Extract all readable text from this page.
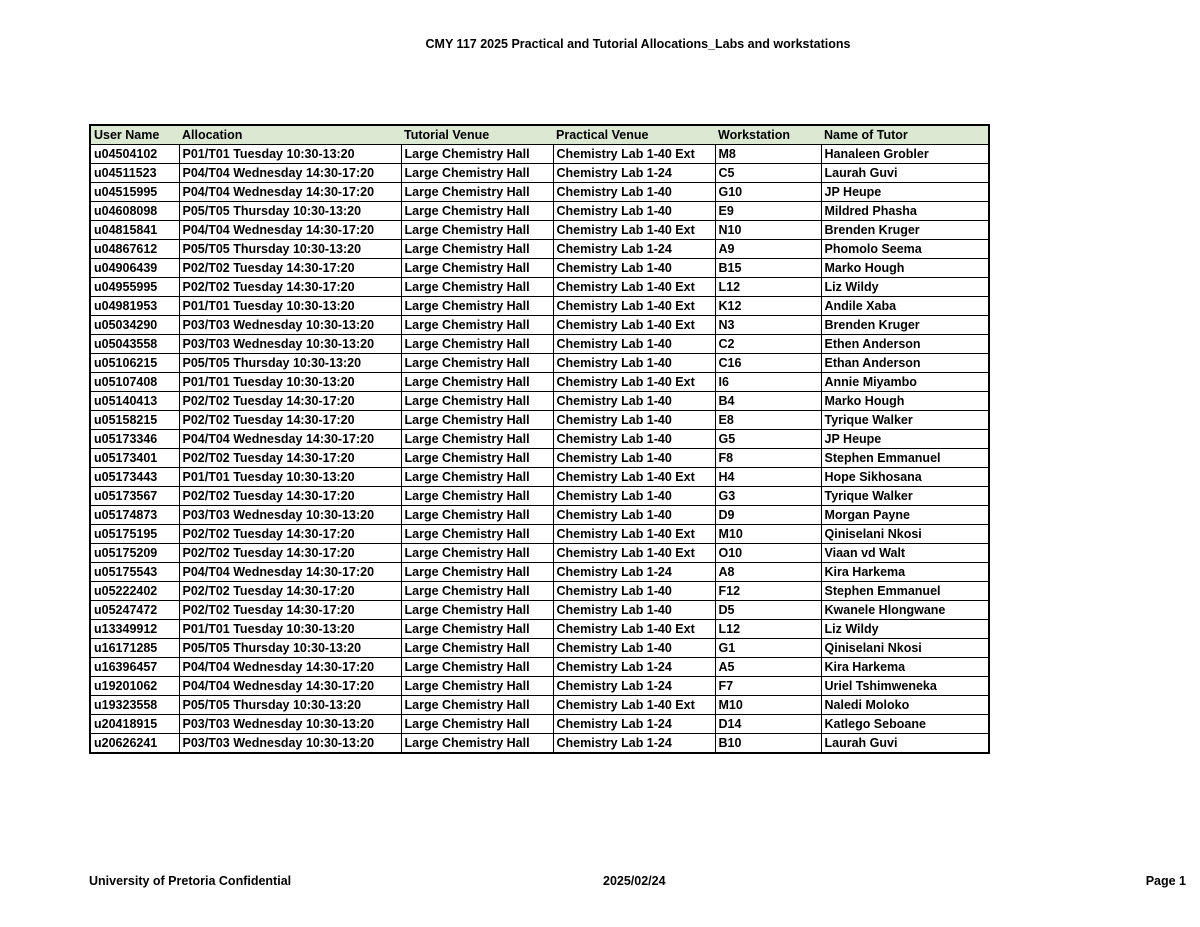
CMY 117 2025 Practical and Tutorial Allocations_Labs and workstations
User Name	Allocation	Tutorial Venue	Practical Venue	Workstation	Name of Tutor
u04504102	P01/T01 Tuesday 10:30-13:20	Large Chemistry Hall	Chemistry Lab 1-40 Ext	M8	Hanaleen Grobler
u04511523	P04/T04 Wednesday 14:30-17:20	Large Chemistry Hall	Chemistry Lab 1-24	C5	Laurah Guvi
u04515995	P04/T04 Wednesday 14:30-17:20	Large Chemistry Hall	Chemistry Lab 1-40	G10	JP Heupe
u04608098	P05/T05 Thursday 10:30-13:20	Large Chemistry Hall	Chemistry Lab 1-40	E9	Mildred Phasha
u04815841	P04/T04 Wednesday 14:30-17:20	Large Chemistry Hall	Chemistry Lab 1-40 Ext	N10	Brenden Kruger
u04867612	P05/T05 Thursday 10:30-13:20	Large Chemistry Hall	Chemistry Lab 1-24	A9	Phomolo Seema
u04906439	P02/T02 Tuesday 14:30-17:20	Large Chemistry Hall	Chemistry Lab 1-40	B15	Marko Hough
u04955995	P02/T02 Tuesday 14:30-17:20	Large Chemistry Hall	Chemistry Lab 1-40 Ext	L12	Liz Wildy
u04981953	P01/T01 Tuesday 10:30-13:20	Large Chemistry Hall	Chemistry Lab 1-40 Ext	K12	Andile Xaba
u05034290	P03/T03 Wednesday 10:30-13:20	Large Chemistry Hall	Chemistry Lab 1-40 Ext	N3	Brenden Kruger
u05043558	P03/T03 Wednesday 10:30-13:20	Large Chemistry Hall	Chemistry Lab 1-40	C2	Ethen Anderson
u05106215	P05/T05 Thursday 10:30-13:20	Large Chemistry Hall	Chemistry Lab 1-40	C16	Ethan Anderson
u05107408	P01/T01 Tuesday 10:30-13:20	Large Chemistry Hall	Chemistry Lab 1-40 Ext	I6	Annie Miyambo
u05140413	P02/T02 Tuesday 14:30-17:20	Large Chemistry Hall	Chemistry Lab 1-40	B4	Marko Hough
u05158215	P02/T02 Tuesday 14:30-17:20	Large Chemistry Hall	Chemistry Lab 1-40	E8	Tyrique Walker
u05173346	P04/T04 Wednesday 14:30-17:20	Large Chemistry Hall	Chemistry Lab 1-40	G5	JP Heupe
u05173401	P02/T02 Tuesday 14:30-17:20	Large Chemistry Hall	Chemistry Lab 1-40	F8	Stephen Emmanuel
u05173443	P01/T01 Tuesday 10:30-13:20	Large Chemistry Hall	Chemistry Lab 1-40 Ext	H4	Hope Sikhosana
u05173567	P02/T02 Tuesday 14:30-17:20	Large Chemistry Hall	Chemistry Lab 1-40	G3	Tyrique Walker
u05174873	P03/T03 Wednesday 10:30-13:20	Large Chemistry Hall	Chemistry Lab 1-40	D9	Morgan Payne
u05175195	P02/T02 Tuesday 14:30-17:20	Large Chemistry Hall	Chemistry Lab 1-40 Ext	M10	Qiniselani Nkosi
u05175209	P02/T02 Tuesday 14:30-17:20	Large Chemistry Hall	Chemistry Lab 1-40 Ext	O10	Viaan vd Walt
u05175543	P04/T04 Wednesday 14:30-17:20	Large Chemistry Hall	Chemistry Lab 1-24	A8	Kira Harkema
u05222402	P02/T02 Tuesday 14:30-17:20	Large Chemistry Hall	Chemistry Lab 1-40	F12	Stephen Emmanuel
u05247472	P02/T02 Tuesday 14:30-17:20	Large Chemistry Hall	Chemistry Lab 1-40	D5	Kwanele Hlongwane
u13349912	P01/T01 Tuesday 10:30-13:20	Large Chemistry Hall	Chemistry Lab 1-40 Ext	L12	Liz Wildy
u16171285	P05/T05 Thursday 10:30-13:20	Large Chemistry Hall	Chemistry Lab 1-40	G1	Qiniselani Nkosi
u16396457	P04/T04 Wednesday 14:30-17:20	Large Chemistry Hall	Chemistry Lab 1-24	A5	Kira Harkema
u19201062	P04/T04 Wednesday 14:30-17:20	Large Chemistry Hall	Chemistry Lab 1-24	F7	Uriel Tshimweneka
u19323558	P05/T05 Thursday 10:30-13:20	Large Chemistry Hall	Chemistry Lab 1-40 Ext	M10	Naledi Moloko
u20418915	P03/T03 Wednesday 10:30-13:20	Large Chemistry Hall	Chemistry Lab 1-24	D14	Katlego Seboane
u20626241	P03/T03 Wednesday 10:30-13:20	Large Chemistry Hall	Chemistry Lab 1-24	B10	Laurah Guvi
University of Pretoria Confidential	2025/02/24	Page 1
